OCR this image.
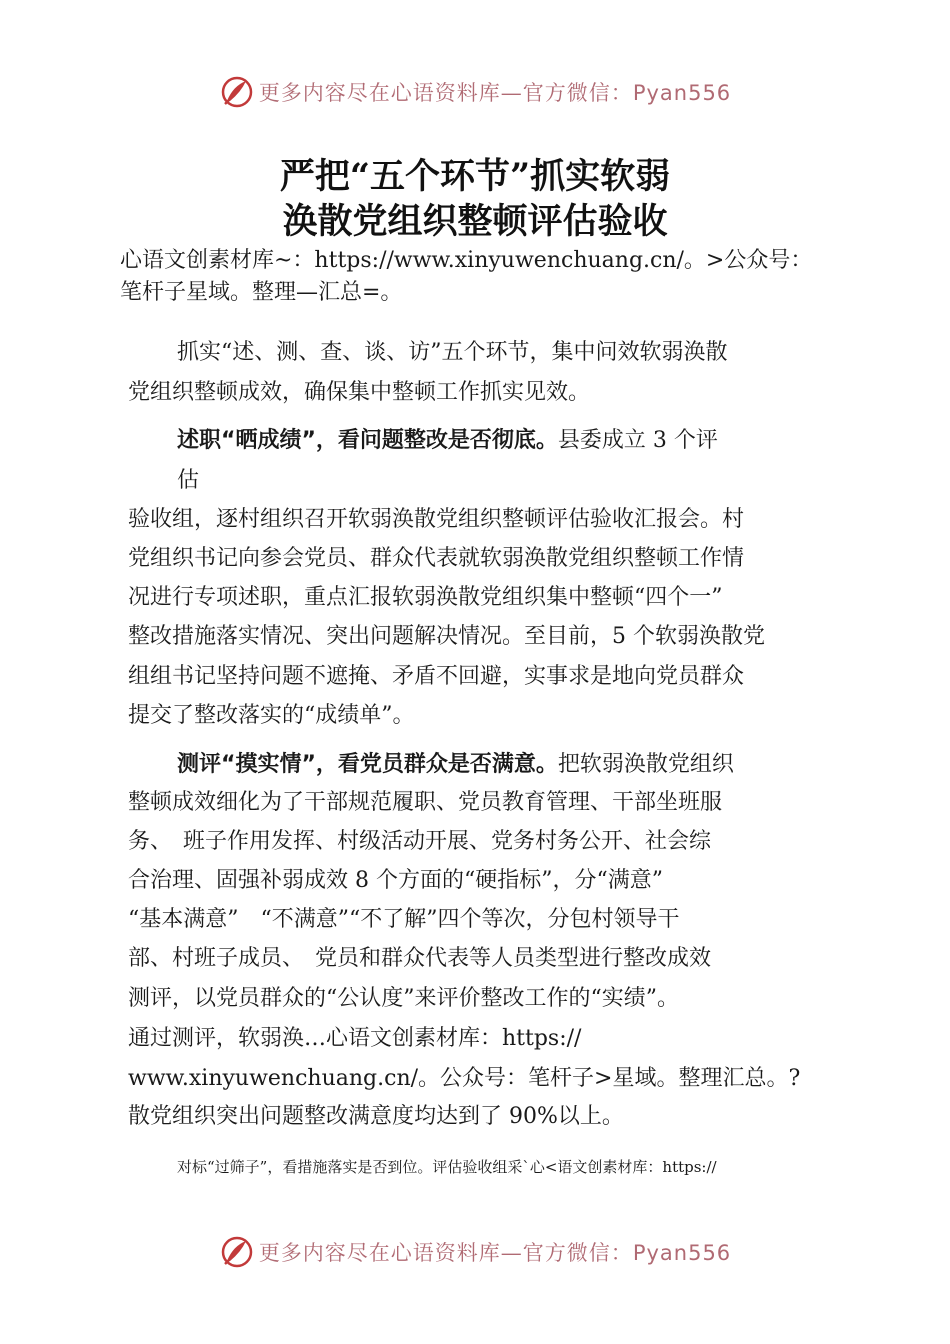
更多内容尽在心语资料库—官方微信：Pyan556
严把“五个环节”抓实软弱
涣散党组织整顿评估验收
心语文创素材库~：https://www.xinyuwenchuang.cn/。>公众号：
笔杆子星域。整理—汇总=。
抓实“述、测、查、谈、访”五个环节，集中问效软弱涣散
党组织整顿成效，确保集中整顿工作抓实见效。
述职“晒成绩”，看问题整改是否彻底。县委成立 3 个评
估
验收组，逐村组织召开软弱涣散党组织整顿评估验收汇报会。村
党组织书记向参会党员、群众代表就软弱涣散党组织整顿工作情
况进行专项述职，重点汇报软弱涣散党组织集中整顿“四个一”
整改措施落实情况、突出问题解决情况。至目前，5 个软弱涣散党
组组书记坚持问题不遮掩、矛盾不回避，实事求是地向党员群众
提交了整改落实的“成绩单”。
测评“摸实情”，看党员群众是否满意。把软弱涣散党组织
整顿成效细化为了干部规范履职、党员教育管理、干部坐班服
务、　班子作用发挥、村级活动开展、党务村务公开、社会综
合治理、固强补弱成效 8 个方面的“硬指标”，分“满意”
“基本满意”　“不满意”“不了解”四个等次，分包村领导干
部、村班子成员、　党员和群众代表等人员类型进行整改成效
测评，以党员群众的“公认度”来评价整改工作的“实绩”。
通过测评，软弱涣…心语文创素材库：https://
www.xinyuwenchuang.cn/。公众号：笔杆子>星域。整理汇总。?
散党组织突出问题整改满意度均达到了 90%以上。
对标“过筛子”，看措施落实是否到位。评估验收组采`心<语文创素材库：https://
更多内容尽在心语资料库—官方微信：Pyan556
